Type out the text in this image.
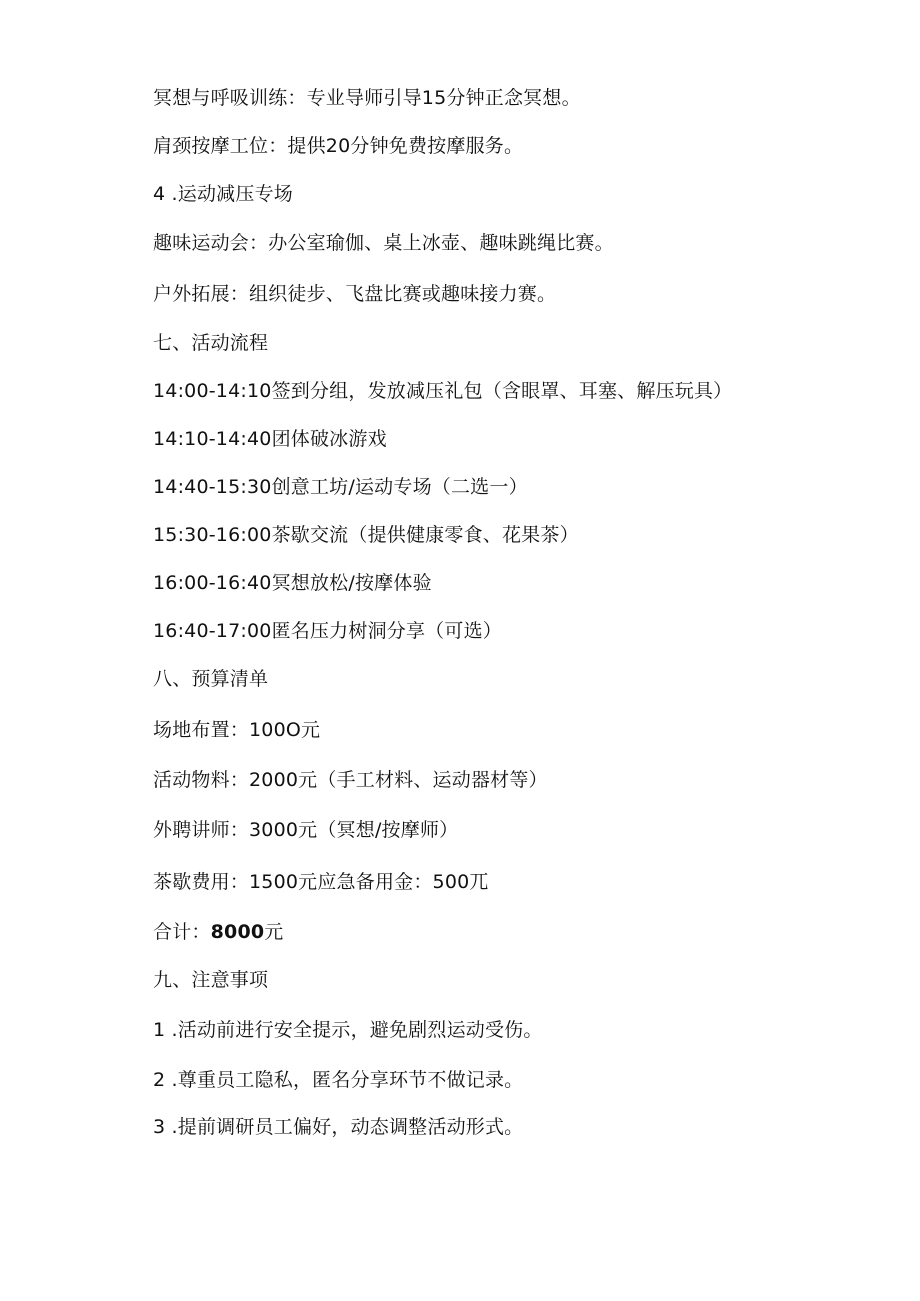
冥想与呼吸训练：专业导师引导15分钟正念冥想。
肩颈按摩工位：提供20分钟免费按摩服务。
4 .运动减压专场
趣味运动会：办公室瑜伽、桌上冰壶、趣味跳绳比赛。
户外拓展：组织徒步、飞盘比赛或趣味接力赛。
七、活动流程
14:00-14:10签到分组，发放减压礼包（含眼罩、耳塞、解压玩具）
14:10-14:40团体破冰游戏
14:40-15:30创意工坊/运动专场（二选一）
15:30-16:00茶歇交流（提供健康零食、花果茶）
16:00-16:40冥想放松/按摩体验
16:40-17:00匿名压力树洞分享（可选）
八、预算清单
场地布置：100O元
活动物料：2000元（手工材料、运动器材等）
外聘讲师：3000元（冥想/按摩师）
茶歇费用：1500元应急备用金：500兀
合计：8000元
九、注意事项
1 .活动前进行安全提示，避免剧烈运动受伤。
2 .尊重员工隐私，匿名分享环节不做记录。
3 .提前调研员工偏好，动态调整活动形式。
